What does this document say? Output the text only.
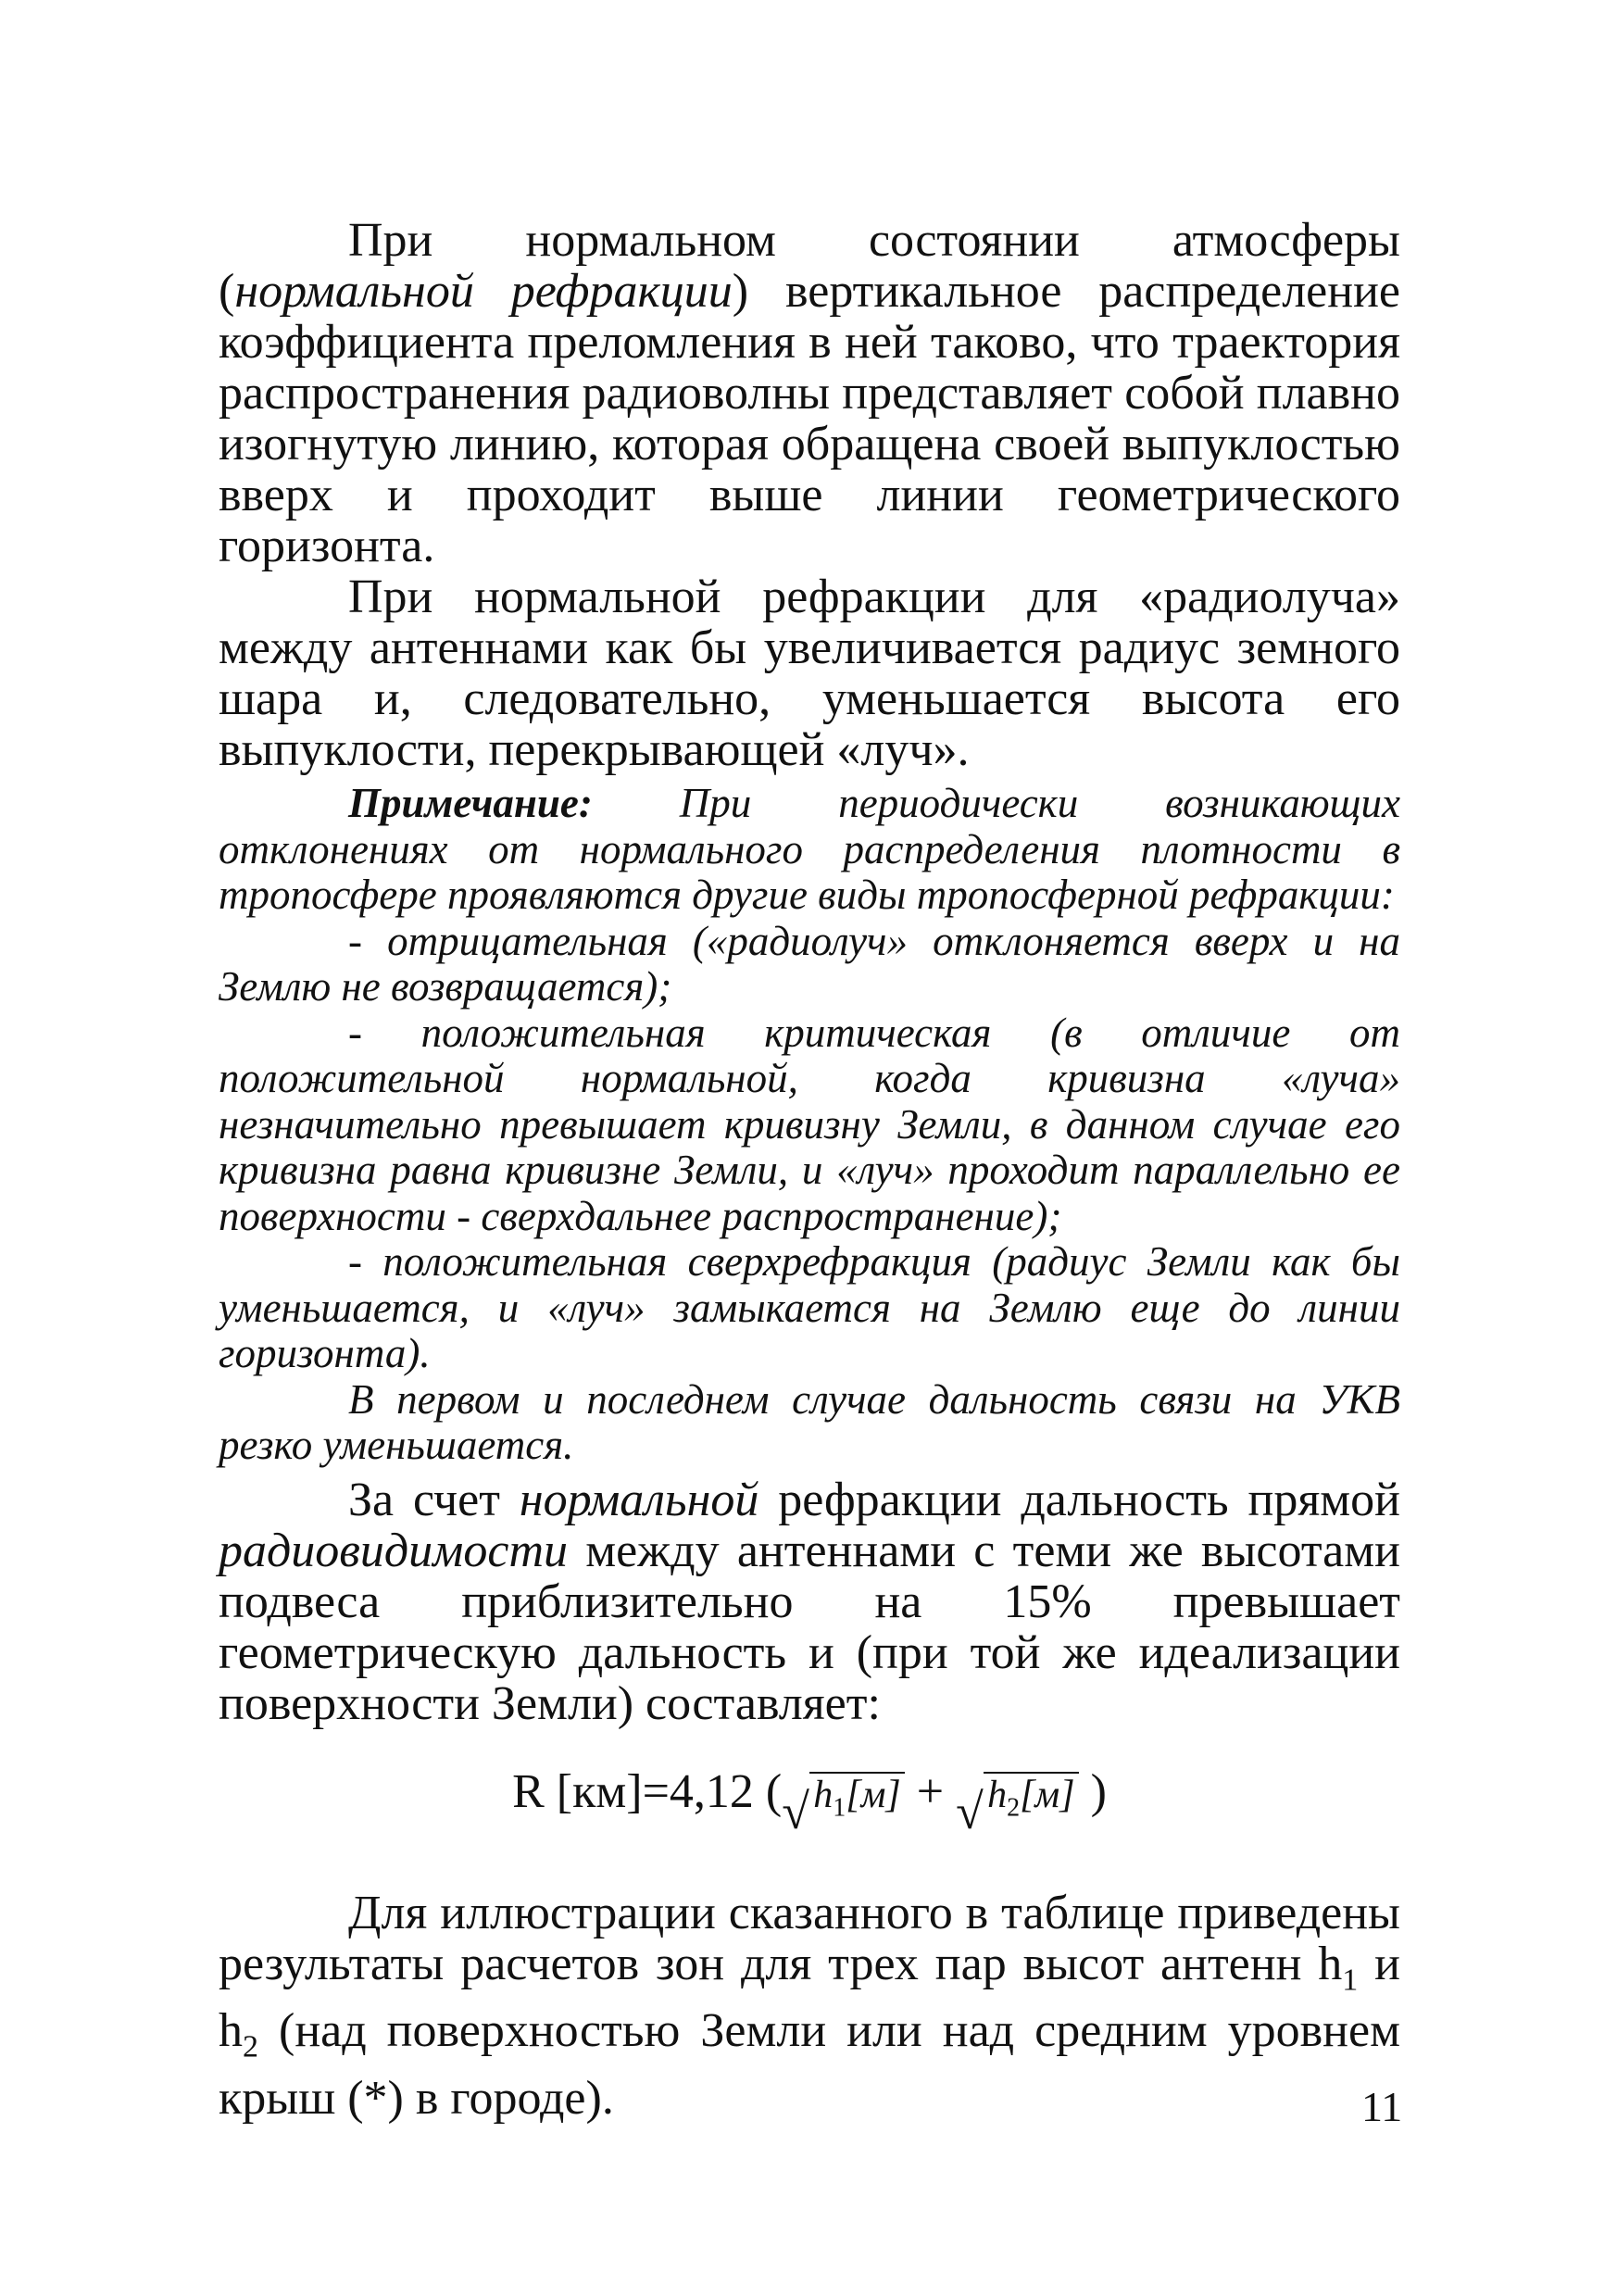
При нормальном состоянии атмосферы (нормальной рефракции) вертикальное распределение коэффициента преломления в ней таково, что траектория распространения радиоволны представляет собой плавно изогнутую линию, которая обращена своей выпуклостью вверх и проходит выше линии геометрического горизонта.

При нормальной рефракции для «радиолуча» между антеннами как бы увеличивается радиус земного шара и, следовательно, уменьшается высота его выпуклости, перекрывающей «луч».

Примечание: При периодически возникающих отклонениях от нормального распределения плотности в тропосфере проявляются другие виды тропосферной рефракции:

- отрицательная («радиолуч» отклоняется вверх и на Землю не возвращается);

- положительная критическая (в отличие от положительной нормальной, когда кривизна «луча» незначительно превышает кривизну Земли, в данном случае его кривизна равна кривизне Земли, и «луч» проходит параллельно ее поверхности - сверхдальнее распространение);

- положительная сверхрефракция (радиус Земли как бы уменьшается, и «луч» замыкается на Землю еще до линии горизонта).

В первом и последнем случае дальность связи на УКВ резко уменьшается.

За счет нормальной рефракции дальность прямой радиовидимости между антеннами с теми же высотами подвеса приблизительно на 15% превышает геометрическую дальность и (при той же идеализации поверхности Земли) составляет:

R [км]=4,12 ( √ $h_1[м]$ + √ $h_2[м]$ )

Для иллюстрации сказанного в таблице приведены результаты расчетов зон для трех пар высот антенн $h_1$ и $h_2$ (над поверхностью Земли или над средним уровнем крыш (*) в городе).	11
